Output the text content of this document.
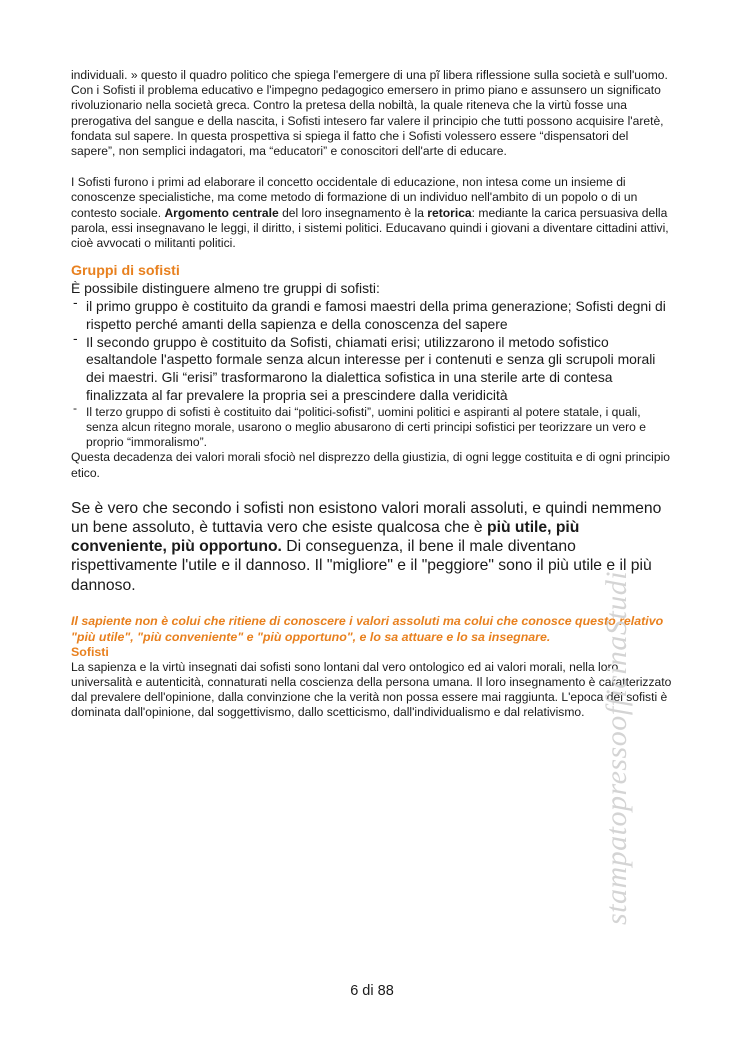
individuali. » questo il quadro politico che spiega l'emergere di una pĩ libera riflessione sulla società e sull'uomo.

Con i Sofisti il problema educativo e l'impegno pedagogico emersero in primo piano e assunsero un significato rivoluzionario nella società greca. Contro la pretesa della nobiltà, la quale riteneva che la virtù fosse una prerogativa del sangue e della nascita, i Sofisti intesero far valere il principio che tutti possono acquisire l'aretè, fondata sul sapere. In questa prospettiva si spiega il fatto che i Sofisti volessero essere “dispensatori del sapere”, non semplici indagatori, ma “educatori” e conoscitori dell'arte di educare.

I Sofisti furono i primi ad elaborare il concetto occidentale di educazione, non intesa come un insieme di conoscenze specialistiche, ma come metodo di formazione di un individuo nell'ambito di un popolo o di un contesto sociale. Argomento centrale del loro insegnamento è la retorica: mediante la carica persuasiva della parola, essi insegnavano le leggi, il diritto, i sistemi politici. Educavano quindi i giovani a diventare cittadini attivi, cioè avvocati o militanti politici.

Gruppi di sofisti

È possibile distinguere almeno tre gruppi di sofisti:

- il primo gruppo è costituito da grandi e famosi maestri della prima generazione; Sofisti degni di rispetto perché amanti della sapienza e della conoscenza del sapere
- Il secondo gruppo è costituito da Sofisti, chiamati erisi; utilizzarono il metodo sofistico esaltandole l'aspetto formale senza alcun interesse per i contenuti e senza gli scrupoli morali dei maestri. Gli “erisi” trasformarono la dialettica sofistica in una sterile arte di contesa finalizzata al far prevalere la propria sei a prescindere dalla veridicità
- Il terzo gruppo di sofisti è costituito dai “politici-sofisti”, uomini politici e aspiranti al potere statale, i quali, senza alcun ritegno morale, usarono o meglio abusarono di certi principi sofistici per teorizzare un vero e proprio “immoralismo”.

Questa decadenza dei valori morali sfociò nel disprezzo della giustizia, di ogni legge costituita e di ogni principio etico.

Se è vero che secondo i sofisti non esistono valori morali assoluti, e quindi nemmeno un bene assoluto, è tuttavia vero che esiste qualcosa che è più utile, più conveniente, più opportuno. Di conseguenza, il bene il male diventano rispettivamente l'utile e il dannoso. Il "migliore" e il "peggiore" sono il più utile e il più dannoso.

Il sapiente non è colui che ritiene di conoscere i valori assoluti ma colui che conosce questo relativo "più utile", "più conveniente" e "più opportuno", e lo sa attuare e lo sa insegnare.

Sofisti

La sapienza e la virtù insegnati dai sofisti sono lontani dal vero ontologico ed ai valori morali, nella loro universalità e autenticità, connaturati nella coscienza della persona umana. Il loro insegnamento è caratterizzato dal prevalere dell'opinione, dalla convinzione che la verità non possa essere mai raggiunta. L'epoca dei sofisti è dominata dall'opinione, dal soggettivismo, dallo scetticismo, dall'individualismo e dal relativismo. stampatopressoofficinaStudi
6 di 88
